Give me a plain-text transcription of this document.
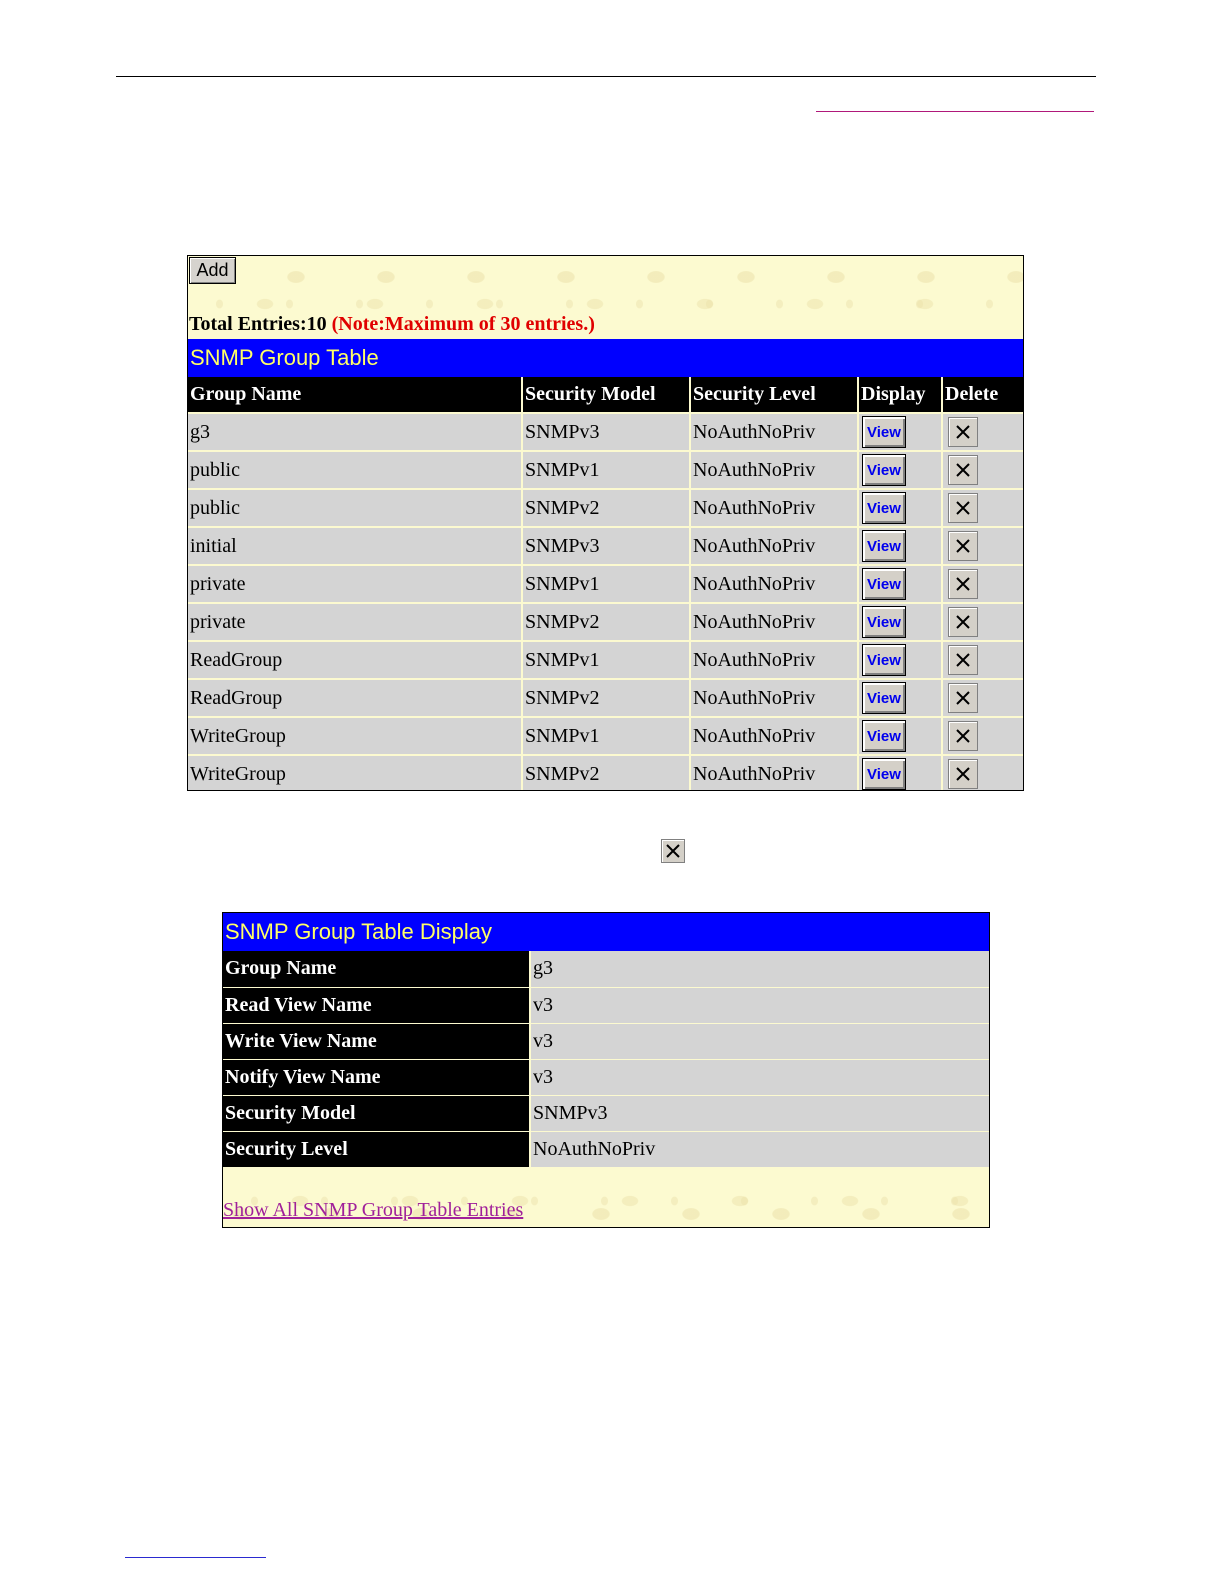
Add
Total Entries:10 (Note:Maximum of 30 entries.)
SNMP Group Table
Group Name	Security Model	Security Level	Display	Delete
g3	SNMPv3	NoAuthNoPriv	View	

public	SNMPv1	NoAuthNoPriv	View	

public	SNMPv2	NoAuthNoPriv	View	

initial	SNMPv3	NoAuthNoPriv	View	

private	SNMPv1	NoAuthNoPriv	View	

private	SNMPv2	NoAuthNoPriv	View	

ReadGroup	SNMPv1	NoAuthNoPriv	View	

ReadGroup	SNMPv2	NoAuthNoPriv	View	

WriteGroup	SNMPv1	NoAuthNoPriv	View	

WriteGroup	SNMPv2	NoAuthNoPriv	View	
SNMP Group Table Display
Group Name	g3
Read View Name	v3
Write View Name	v3
Notify View Name	v3
Security Model	SNMPv3
Security Level	NoAuthNoPriv
Show All SNMP Group Table Entries
